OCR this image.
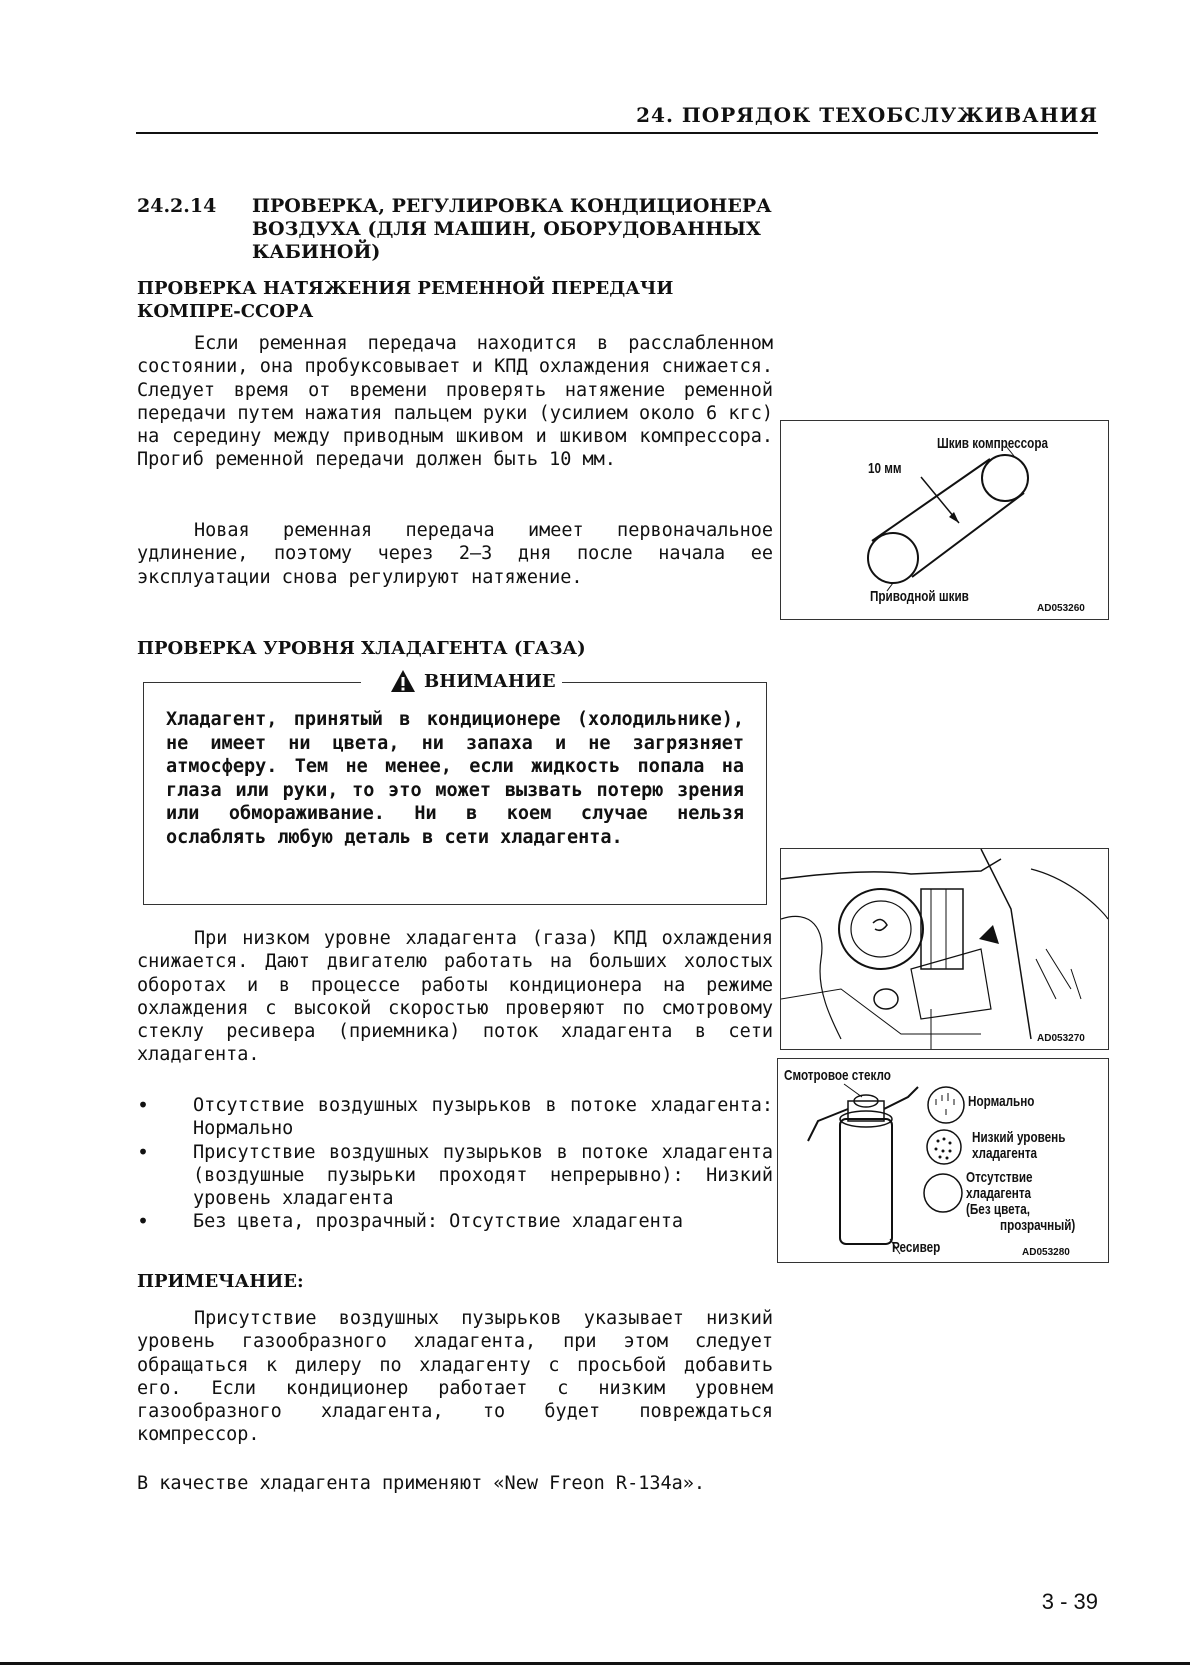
24. ПОРЯДОК ТЕХОБСЛУЖИВАНИЯ
24.2.14 ПРОВЕРКА, РЕГУЛИРОВКА КОНДИЦИОНЕРА
ВОЗДУХА (ДЛЯ МАШИН, ОБОРУДОВАННЫХ
КАБИНОЙ)
ПРОВЕРКА НАТЯЖЕНИЯ РЕМЕННОЙ ПЕРЕДАЧИ КОМПРЕ-ССОРА
Если ременная передача находится в расслабленном состоянии, она пробуксовывает и КПД охлаждения снижается. Следует время от времени проверять натяжение ременной передачи путем нажатия пальцем руки (усилием около 6 кгс) на середину между приводным шкивом и шкивом компрессора. Прогиб ременной передачи должен быть 10 мм.
Новая ременная передача имеет первоначальное удлинение, поэтому через 2—3 дня после начала ее эксплуатации снова регулируют натяжение.
Шкив компрессора
10 мм
Приводной шкив
AD053260
ПРОВЕРКА УРОВНЯ ХЛАДАГЕНТА (ГАЗА)
ВНИМАНИЕ
Хладагент, принятый в кондиционере (холодильнике), не имеет ни цвета, ни запаха и не загрязняет атмосферу. Тем не менее, если жидкость попала на глаза или руки, то это может вызвать потерю зрения или обмораживание. Ни в коем случае нельзя ослаблять любую деталь в сети хладагента.
При низком уровне хладагента (газа) КПД охлаждения снижается. Дают двигателю работать на больших холостых оборотах и в процессе работы кондиционера на режиме охлаждения с высокой скоростью проверяют по смотровому стеклу ресивера (приемника) поток хладагента в сети хладагента.
• Отсутствие воздушных пузырьков в потоке хладагента: Нормально
• Присутствие воздушных пузырьков в потоке хладагента (воздушные пузырьки проходят непрерывно): Низкий уровень хладагента
• Без цвета, прозрачный: Отсутствие хладагента
AD053270
Смотровое стекло
Нормально
Низкий уровень
хладагента
Отсутствие
хладагента
(Без цвета,
прозрачный)
Ресивер	AD053280
ПРИМЕЧАНИЕ:
Присутствие воздушных пузырьков указывает низкий уровень газообразного хладагента, при этом следует обращаться к дилеру по хладагенту с просьбой добавить его. Если кондиционер работает с низким уровнем газообразного хладагента, то будет повреждаться компрессор.
В качестве хладагента применяют «New Freon R-134a».
3 - 39
